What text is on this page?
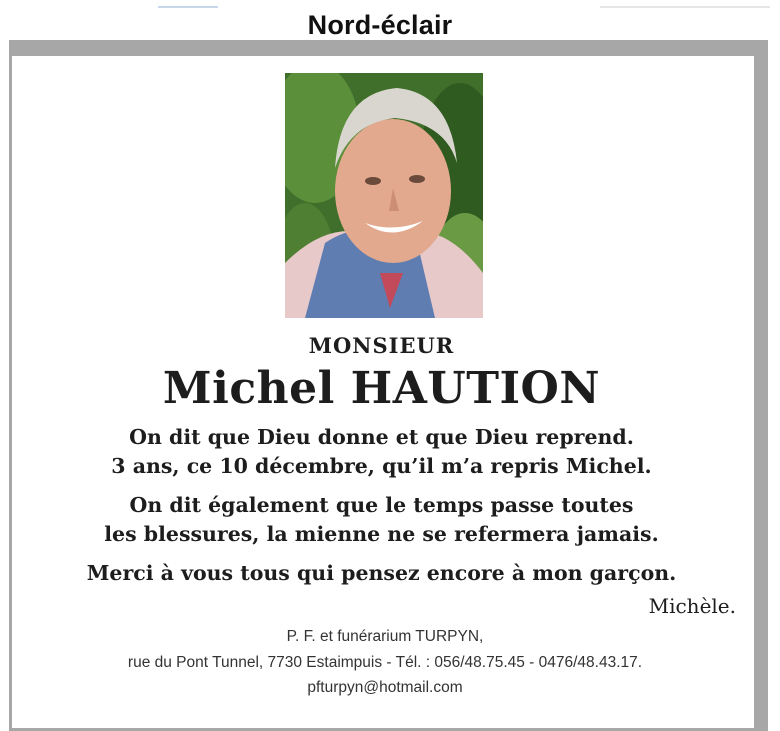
Nord-éclair
MONSIEUR
Michel HAUTION
On dit que Dieu donne et que Dieu reprend.
3 ans, ce 10 décembre, qu’il m’a repris Michel.
On dit également que le temps passe toutes
les blessures, la mienne ne se refermera jamais.
Merci à vous tous qui pensez encore à mon garçon.
Michèle.
P. F. et funérarium TURPYN,
rue du Pont Tunnel, 7730 Estaimpuis - Tél. : 056/48.75.45 - 0476/48.43.17.
pfturpyn@hotmail.com
